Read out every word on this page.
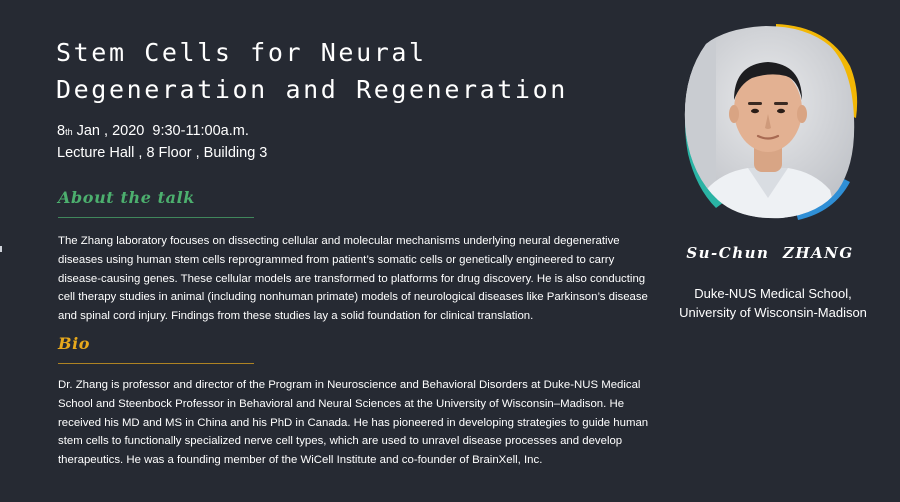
Stem Cells for Neural
Degeneration and Regeneration
8th Jan , 2020  9:30-11:00a.m.
Lecture Hall , 8 Floor , Building 3
About the talk

The Zhang laboratory focuses on dissecting cellular and molecular mechanisms underlying neural degenerative diseases using human stem cells reprogrammed from patient’s somatic cells or genetically engineered to carry disease-causing genes. These cellular models are transformed to platforms for drug discovery. He is also conducting cell therapy studies in animal (including nonhuman primate) models of neurological diseases like Parkinson’s disease and spinal cord injury. Findings from these studies lay a solid foundation for clinical translation.

Bio

Dr. Zhang is professor and director of the Program in Neuroscience and Behavioral Disorders at Duke-NUS Medical School and Steenbock Professor in Behavioral and Neural Sciences at the University of Wisconsin–Madison. He received his MD and MS in China and his PhD in Canada. He has pioneered in developing strategies to guide human stem cells to functionally specialized nerve cell types, which are used to unravel disease processes and develop therapeutics. He was a founding member of the WiCell Institute and co-founder of BrainXell, Inc.

Su-Chun  ZHANG
Duke-NUS Medical School,
University of Wisconsin-Madison
